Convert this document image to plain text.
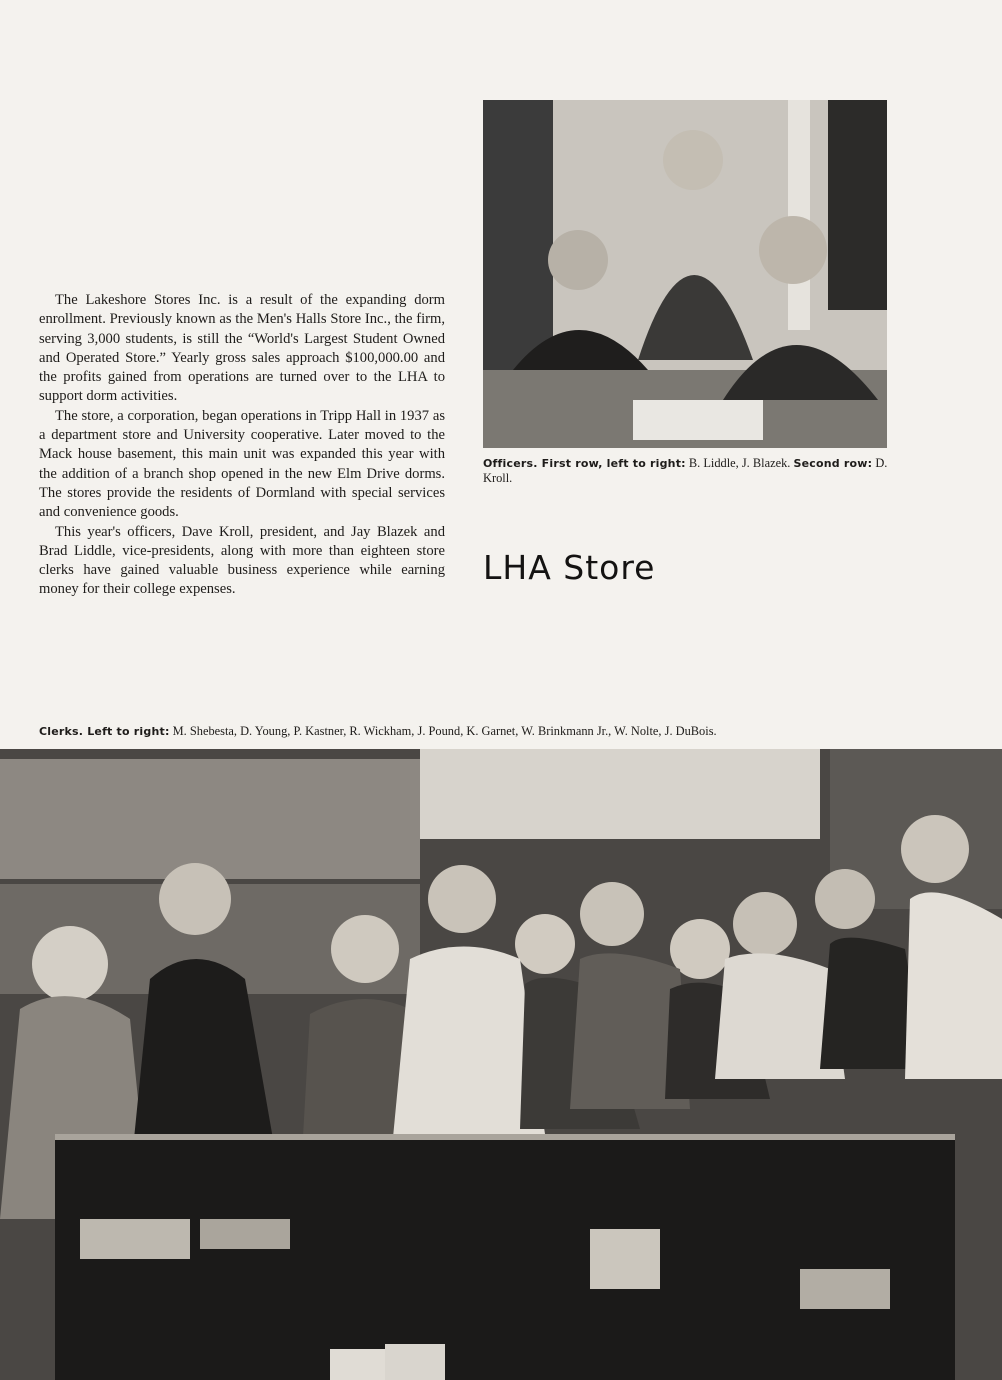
The Lakeshore Stores Inc. is a result of the expanding dorm enrollment. Previously known as the Men's Halls Store Inc., the firm, serving 3,000 students, is still the “World's Largest Student Owned and Operated Store.” Yearly gross sales approach $100,000.00 and the profits gained from operations are turned over to the LHA to support dorm activities.

The store, a corporation, began operations in Tripp Hall in 1937 as a department store and University cooperative. Later moved to the Mack house basement, this main unit was expanded this year with the addition of a branch shop opened in the new Elm Drive dorms. The stores provide the residents of Dormland with special services and convenience goods.

This year's officers, Dave Kroll, president, and Jay Blazek and Brad Liddle, vice-presidents, along with more than eighteen store clerks have gained valuable business experience while earning money for their college expenses.

Officers. First row, left to right: B. Liddle, J. Blazek. Second row: D. Kroll.
LHA Store
Clerks. Left to right: M. Shebesta, D. Young, P. Kastner, R. Wickham, J. Pound, K. Garnet, W. Brinkmann Jr., W. Nolte, J. DuBois.
